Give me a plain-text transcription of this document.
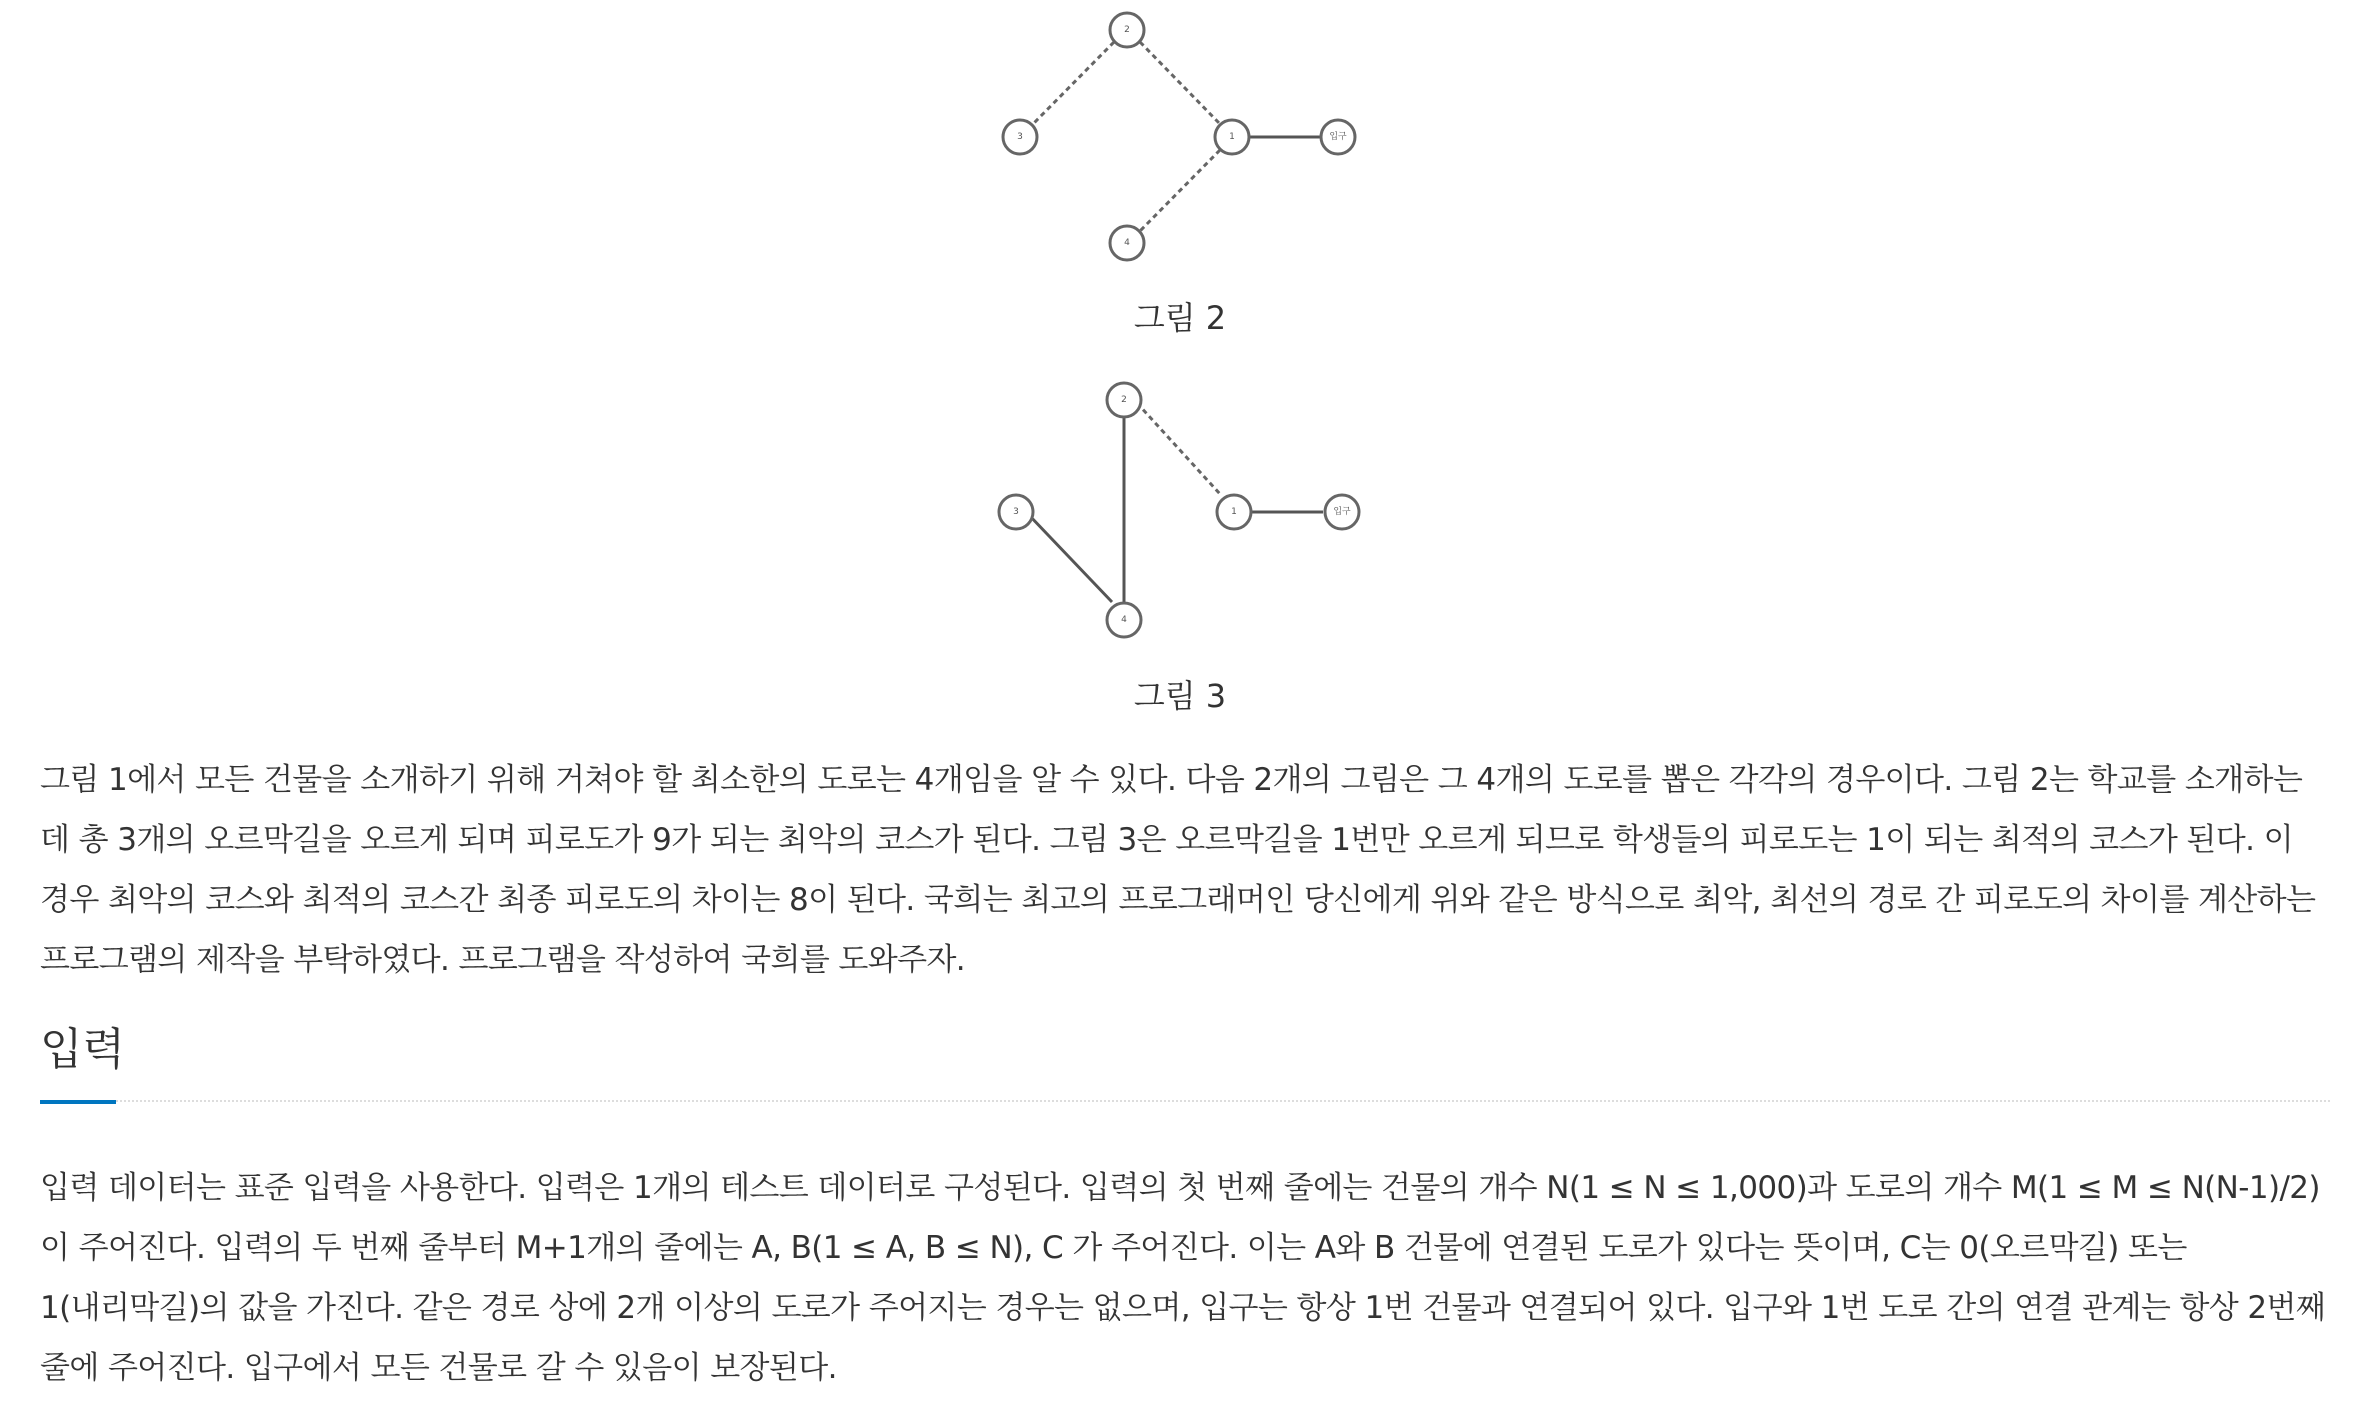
2
3	1	입구
4
그림 2
2
3	1	입구
4
그림 3

그림 1에서 모든 건물을 소개하기 위해 거쳐야 할 최소한의 도로는 4개임을 알 수 있다. 다음 2개의 그림은 그 4개의 도로를 뽑은 각각의 경우이다. 그림 2는 학교를 소개하는 데 총 3개의 오르막길을 오르게 되며 피로도가 9가 되는 최악의 코스가 된다. 그림 3은 오르막길을 1번만 오르게 되므로 학생들의 피로도는 1이 되는 최적의 코스가 된다. 이 경우 최악의 코스와 최적의 코스간 최종 피로도의 차이는 8이 된다. 국희는 최고의 프로그래머인 당신에게 위와 같은 방식으로 최악, 최선의 경로 간 피로도의 차이를 계산하는 프로그램의 제작을 부탁하였다. 프로그램을 작성하여 국희를 도와주자.

입력

입력 데이터는 표준 입력을 사용한다. 입력은 1개의 테스트 데이터로 구성된다. 입력의 첫 번째 줄에는 건물의 개수 N(1 ≤ N ≤ 1,000)과 도로의 개수 M(1 ≤ M ≤ N(N-1)/2) 이 주어진다. 입력의 두 번째 줄부터 M+1개의 줄에는 A, B(1 ≤ A, B ≤ N), C 가 주어진다. 이는 A와 B 건물에 연결된 도로가 있다는 뜻이며, C는 0(오르막길) 또는 1(내리막길)의 값을 가진다. 같은 경로 상에 2개 이상의 도로가 주어지는 경우는 없으며, 입구는 항상 1번 건물과 연결되어 있다. 입구와 1번 도로 간의 연결 관계는 항상 2번째 줄에 주어진다. 입구에서 모든 건물로 갈 수 있음이 보장된다.
